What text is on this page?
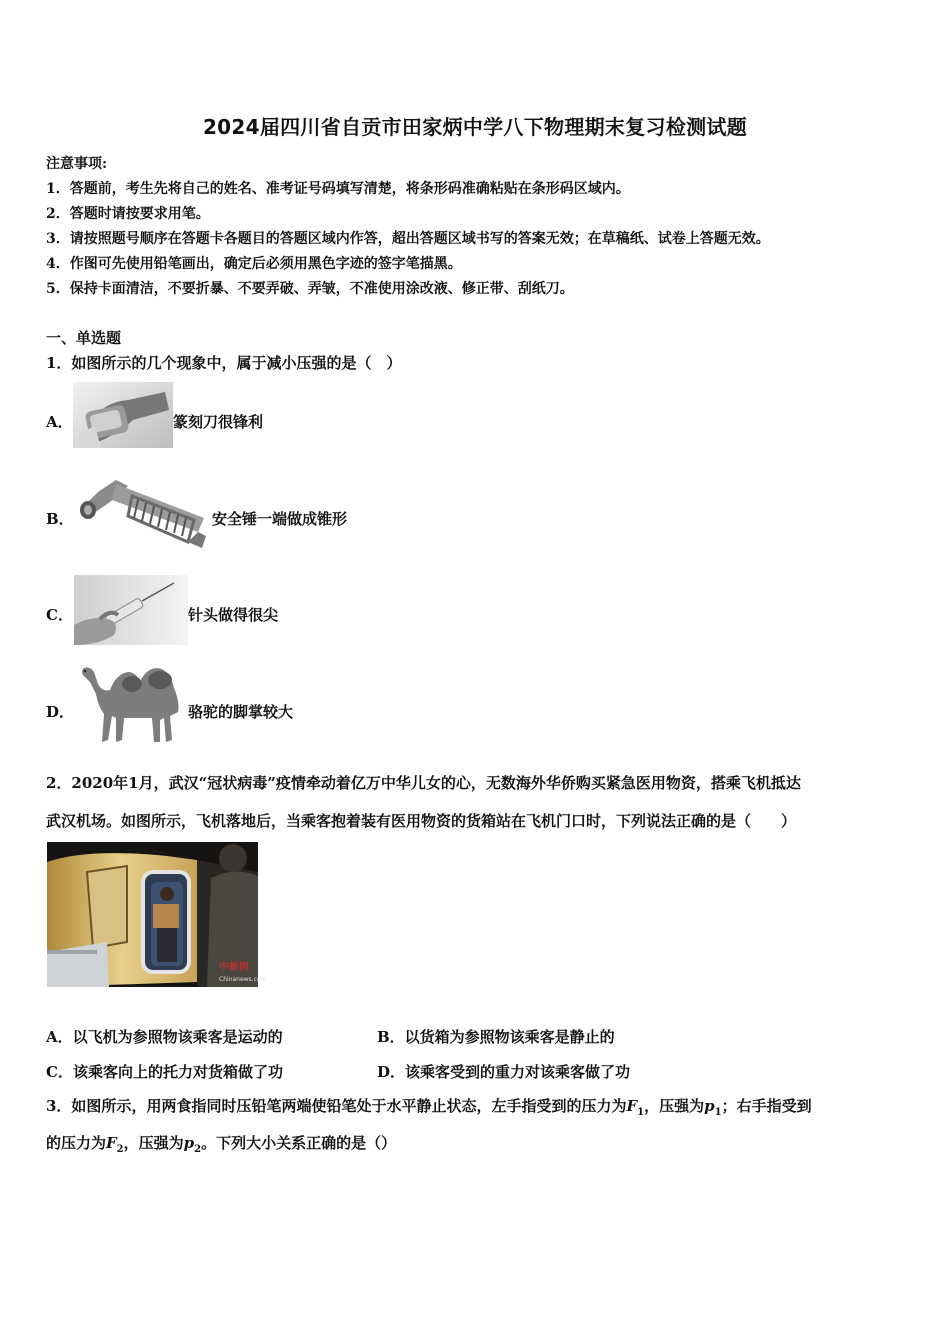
2024届四川省自贡市田家炳中学八下物理期末复习检测试题
注意事项:
1．答题前，考生先将自己的姓名、准考证号码填写清楚，将条形码准确粘贴在条形码区域内。
2．答题时请按要求用笔。
3．请按照题号顺序在答题卡各题目的答题区域内作答，超出答题区域书写的答案无效；在草稿纸、试卷上答题无效。
4．作图可先使用铅笔画出，确定后必须用黑色字迹的签字笔描黑。
5．保持卡面清洁，不要折暴、不要弄破、弄皱，不准使用涂改液、修正带、刮纸刀。
一、单选题
1．如图所示的几个现象中，属于减小压强的是（　）
A．	篆刻刀很锋利
B．	安全锤一端做成锥形
C．	针头做得很尖
D．	骆驼的脚掌较大
2．2020年1月，武汉“冠状病毒”疫情牵动着亿万中华儿女的心，无数海外华侨购买紧急医用物资，搭乘飞机抵达
武汉机场。如图所示，飞机落地后，当乘客抱着装有医用物资的货箱站在飞机门口时，下列说法正确的是（　　）
中新网
Chinanews.com
A．以飞机为参照物该乘客是运动的	B．以货箱为参照物该乘客是静止的
C．该乘客向上的托力对货箱做了功	D．该乘客受到的重力对该乘客做了功
3．如图所示，用两食指同时压铅笔两端使铅笔处于水平静止状态，左手指受到的压力为$F_1$，压强为$p_1$；右手指受到
的压力为$F_2$，压强为$p_2$。下列大小关系正确的是（）
